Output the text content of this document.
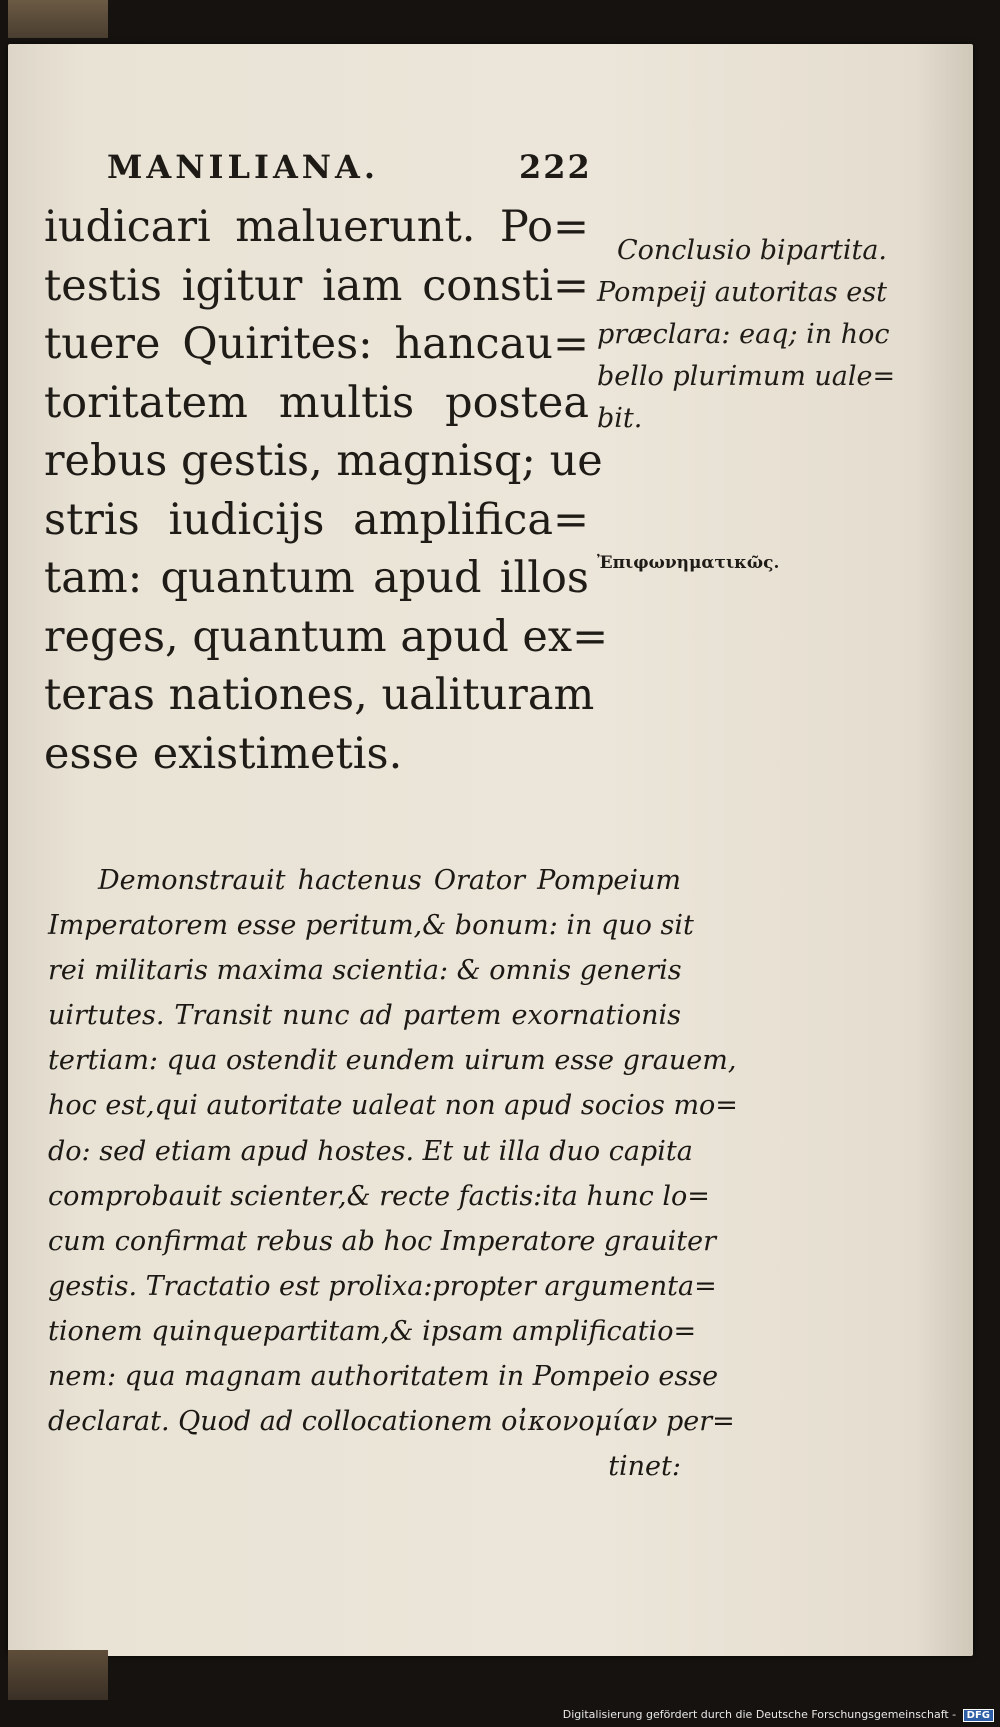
MANILIANA.	222
iudicari maluerunt. Po=
testis igitur iam consti=
tuere Quirites: hancau=
toritatem multis postea
rebus gestis, magnisq; ue
stris iudicijs amplifica=
tam: quantum apud illos
reges, quantum apud ex=
teras nationes, ualituram
esse existimetis.
Conclusio bipartita.
Pompeij autoritas est
præclara: eaq; in hoc
bello plurimum uale=
bit.
Ἐπιφωνηματικῶς.
Demonstrauit hactenus Orator Pompeium
Imperatorem esse peritum,& bonum: in quo sit
rei militaris maxima scientia: & omnis generis
uirtutes. Transit nunc ad partem exornationis
tertiam: qua ostendit eundem uirum esse grauem,
hoc est,qui autoritate ualeat non apud socios mo=
do: sed etiam apud hostes. Et ut illa duo capita
comprobauit scienter,& recte factis:ita hunc lo=
cum confirmat rebus ab hoc Imperatore grauiter
gestis. Tractatio est prolixa:propter argumenta=
tionem quinquepartitam,& ipsam amplificatio=
nem: qua magnam authoritatem in Pompeio esse
declarat. Quod ad collocationem οἰκονομίαν per=
tinet:
Digitalisierung gefördert durch die Deutsche Forschungsgemeinschaft - DFG
